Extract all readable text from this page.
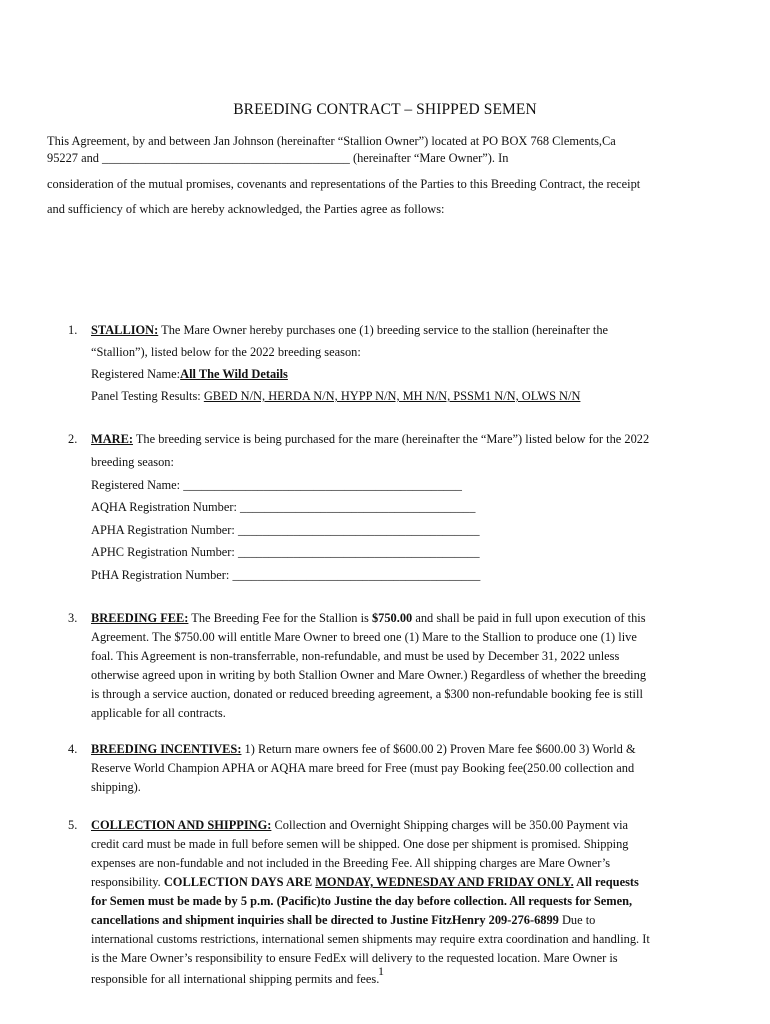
BREEDING CONTRACT – SHIPPED SEMEN
This Agreement, by and between Jan Johnson (hereinafter “Stallion Owner”) located at PO BOX 768 Clements,Ca
95227 and ________________________________________ (hereinafter “Mare Owner”). In
consideration of the mutual promises, covenants and representations of the Parties to this Breeding Contract, the receipt
and sufficiency of which are hereby acknowledged, the Parties agree as follows:
1. STALLION: The Mare Owner hereby purchases one (1) breeding service to the stallion (hereinafter the
“Stallion”), listed below for the 2022 breeding season:
Registered Name:All The Wild Details
Panel Testing Results: GBED N/N, HERDA N/N, HYPP N/N, MH N/N, PSSM1 N/N, OLWS N/N
2. MARE: The breeding service is being purchased for the mare (hereinafter the “Mare”) listed below for the 2022
breeding season:
Registered Name: _____________________________________________
AQHA Registration Number: ______________________________________
APHA Registration Number: _______________________________________
APHC Registration Number: _______________________________________
PtHA Registration Number: ________________________________________
3. BREEDING FEE: The Breeding Fee for the Stallion is $750.00 and shall be paid in full upon execution of this
Agreement. The $750.00 will entitle Mare Owner to breed one (1) Mare to the Stallion to produce one (1) live
foal. This Agreement is non-transferrable, non-refundable, and must be used by December 31, 2022 unless
otherwise agreed upon in writing by both Stallion Owner and Mare Owner.) Regardless of whether the breeding
is through a service auction, donated or reduced breeding agreement, a $300 non-refundable booking fee is still
applicable for all contracts.
4. BREEDING INCENTIVES: 1) Return mare owners fee of $600.00 2) Proven Mare fee $600.00 3) World &
Reserve World Champion APHA or AQHA mare breed for Free (must pay Booking fee(250.00 collection and
shipping).
5. COLLECTION AND SHIPPING: Collection and Overnight Shipping charges will be 350.00 Payment via
credit card must be made in full before semen will be shipped. One dose per shipment is promised. Shipping
expenses are non-fundable and not included in the Breeding Fee. All shipping charges are Mare Owner’s
responsibility. COLLECTION DAYS ARE MONDAY, WEDNESDAY AND FRIDAY ONLY. All requests
for Semen must be made by 5 p.m. (Pacific)to Justine the day before collection. All requests for Semen,
cancellations and shipment inquiries shall be directed to Justine FitzHenry 209-276-6899 Due to
international customs restrictions, international semen shipments may require extra coordination and handling. It
is the Mare Owner’s responsibility to ensure FedEx will delivery to the requested location. Mare Owner is
responsible for all international shipping permits and fees.
1
